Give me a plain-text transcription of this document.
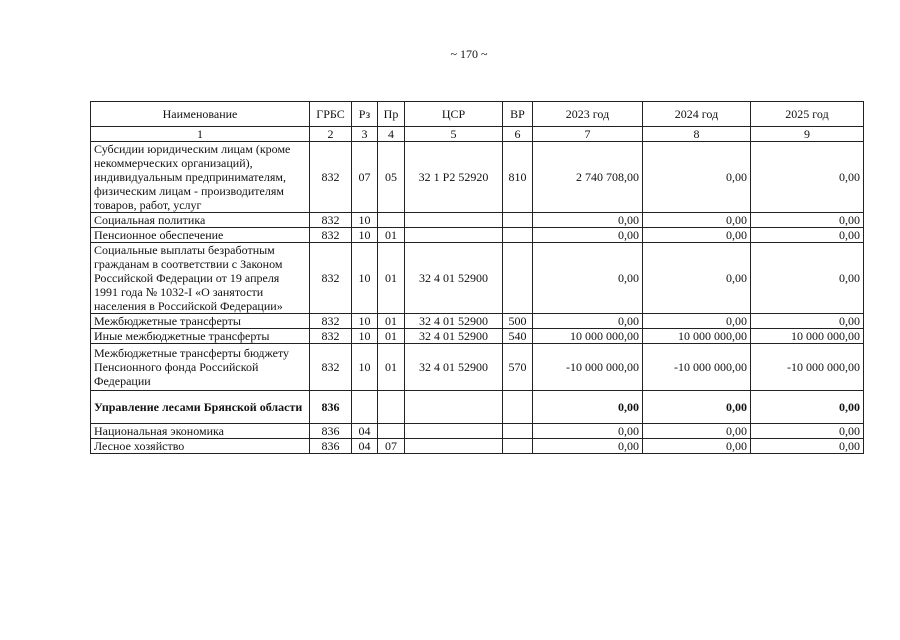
~ 170 ~
Наименование	ГРБС	Рз	Пр	ЦСР	ВР	2023 год	2024 год	2025 год
1	2	3	4	5	6	7	8	9
Субсидии юридическим лицам (кроме некоммерческих организаций), индивидуальным предпринимателям, физическим лицам - производителям товаров, работ, услуг	832	07	05	32 1 Р2 52920	810	2 740 708,00	0,00	0,00
Социальная политика	832	10				0,00	0,00	0,00
Пенсионное обеспечение	832	10	01			0,00	0,00	0,00
Социальные выплаты безработным гражданам в соответствии с Законом Российской Федерации от 19 апреля 1991 года № 1032-I «О занятости населения в Российской Федерации»	832	10	01	32 4 01 52900		0,00	0,00	0,00
Межбюджетные трансферты	832	10	01	32 4 01 52900	500	0,00	0,00	0,00
Иные межбюджетные трансферты	832	10	01	32 4 01 52900	540	10 000 000,00	10 000 000,00	10 000 000,00
Межбюджетные трансферты бюджету Пенсионного фонда Российской Федерации	832	10	01	32 4 01 52900	570	-10 000 000,00	-10 000 000,00	-10 000 000,00
Управление лесами Брянской области	836					0,00	0,00	0,00
Национальная экономика	836	04				0,00	0,00	0,00
Лесное хозяйство	836	04	07			0,00	0,00	0,00
